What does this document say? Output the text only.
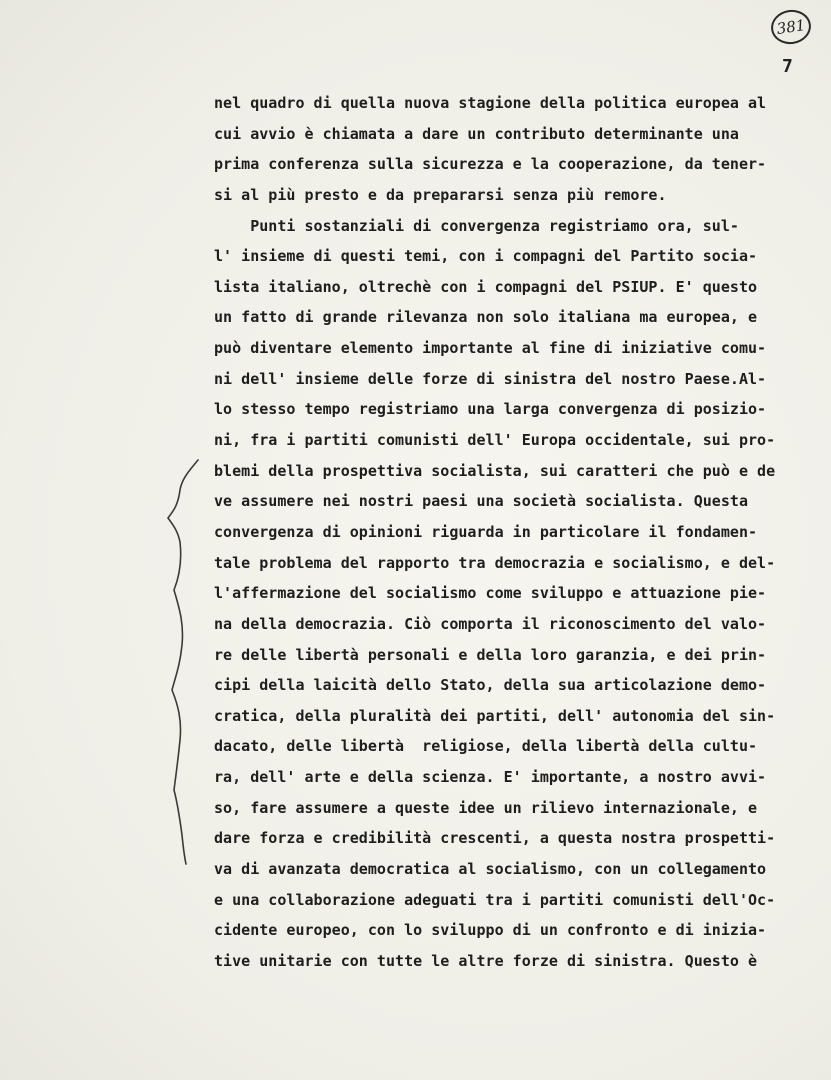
381
7
nel quadro di quella nuova stagione della politica europea al
cui avvio è chiamata a dare un contributo determinante una
prima conferenza sulla sicurezza e la cooperazione, da tener-
si al più presto e da prepararsi senza più remore.
Punti sostanziali di convergenza registriamo ora, sul-
l' insieme di questi temi, con i compagni del Partito socia-
lista italiano, oltrechè con i compagni del PSIUP. E' questo
un fatto di grande rilevanza non solo italiana ma europea, e
può diventare elemento importante al fine di iniziative comu-
ni dell' insieme delle forze di sinistra del nostro Paese.Al-
lo stesso tempo registriamo una larga convergenza di posizio-
ni, fra i partiti comunisti dell' Europa occidentale, sui pro-
blemi della prospettiva socialista, sui caratteri che può e de
ve assumere nei nostri paesi una società socialista. Questa
convergenza di opinioni riguarda in particolare il fondamen-
tale problema del rapporto tra democrazia e socialismo, e del-
l'affermazione del socialismo come sviluppo e attuazione pie-
na della democrazia. Ciò comporta il riconoscimento del valo-
re delle libertà personali e della loro garanzia, e dei prin-
cipi della laicità dello Stato, della sua articolazione demo-
cratica, della pluralità dei partiti, dell' autonomia del sin-
dacato, delle libertà  religiose, della libertà della cultu-
ra, dell' arte e della scienza. E' importante, a nostro avvi-
so, fare assumere a queste idee un rilievo internazionale, e
dare forza e credibilità crescenti, a questa nostra prospetti-
va di avanzata democratica al socialismo, con un collegamento
e una collaborazione adeguati tra i partiti comunisti dell'Oc-
cidente europeo, con lo sviluppo di un confronto e di inizia-
tive unitarie con tutte le altre forze di sinistra. Questo è
